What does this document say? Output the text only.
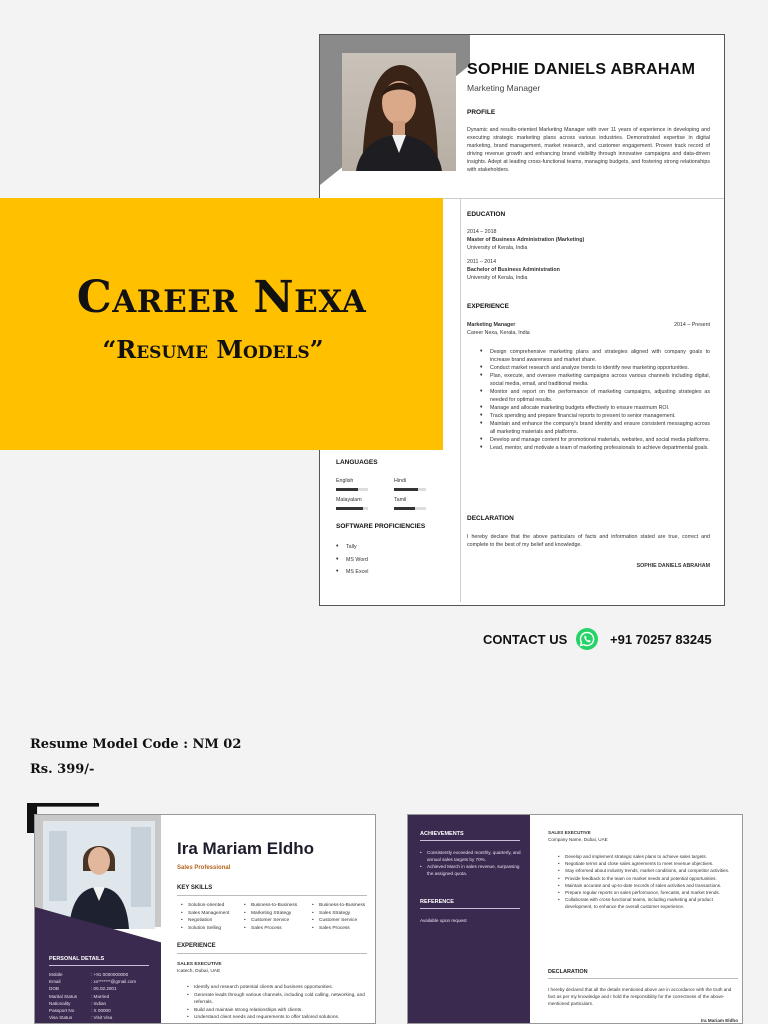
SOPHIE DANIELS ABRAHAM
Marketing Manager
PROFILE
Dynamic and results-oriented Marketing Manager with over 11 years of experience in developing and executing strategic marketing plans across various industries. Demonstrated expertise in digital marketing, brand management, market research, and customer engagement. Proven track record of driving revenue growth and enhancing brand visibility through innovative campaigns and data-driven insights. Adept at leading cross-functional teams, managing budgets, and fostering strong relationships with stakeholders.
EDUCATION
2014 – 2018
Master of Business Administration (Marketing)
University of Kerala, India
2011 – 2014
Bachelor of Business Administration
University of Kerala, India
EXPERIENCE
Marketing Manager	2014 – Present
Career Nexa, Kerala, India
• Design comprehensive marketing plans and strategies aligned with company goals to increase brand awareness and market share.
• Conduct market research and analyze trends to identify new marketing opportunities.
• Plan, execute, and oversee marketing campaigns across various channels including digital, social media, email, and traditional media.
• Monitor and report on the performance of marketing campaigns, adjusting strategies as needed for optimal results.
• Manage and allocate marketing budgets effectively to ensure maximum ROI.
• Track spending and prepare financial reports to present to senior management.
• Maintain and enhance the company's brand identity and ensure consistent messaging across all marketing materials and platforms.
• Develop and manage content for promotional materials, websites, and social media platforms.
• Lead, mentor, and motivate a team of marketing professionals to achieve departmental goals.
DECLARATION
I hereby declare that the above particulars of facts and information stated are true, correct and complete to the best of my belief and knowledge.
SOPHIE DANIELS ABRAHAM
LANGUAGES
English	Hindi
Malayalam	Tamil
SOFTWARE PROFICIENCIES
• Tally
• MS Word
• MS Excel
Career Nexa
“Resume Models”
CONTACT US	+91 70257 83245
Resume Model Code : NM 02
Rs. 399/-
PERSONAL DETAILS
Mobile	: +91 0000000000
Email	: xx*******@gmail.com
DOB	: 05.02.2001
Marital Status	: Married
Nationality	: Indian
Passport No	: X 00000
Visa Status	: Visit Visa
Ira Mariam Eldho
Sales Professional
KEY SKILLS
• Solution-oriented
• Sales Management
• Negotiation
• Solution Selling
• Business-to-Business
• Marketing Strategy
• Customer Service
• Sales Process
• Business-to-Business
• Sales Strategy
• Customer Service
• Sales Process
EXPERIENCE
SALES EXECUTIVE
Icatech, Dubai, UAE
• Identify and research potential clients and business opportunities.
• Generate leads through various channels, including cold calling, networking, and referrals.
• Build and maintain strong relationships with clients.
• Understand client needs and requirements to offer tailored solutions.
ACHIEVEMENTS
• Consistently exceeded monthly, quarterly, and annual sales targets by 70%.
• Achieved March in sales revenue, surpassing the assigned quota.
REFERENCE
Available upon request
SALES EXECUTIVE
Company Name, Dubai, UAE
• Develop and implement strategic sales plans to achieve sales targets.
• Negotiate terms and close sales agreements to meet revenue objectives.
• Stay informed about industry trends, market conditions, and competitor activities.
• Provide feedback to the team on market needs and potential opportunities.
• Maintain accurate and up-to-date records of sales activities and transactions.
• Prepare regular reports on sales performance, forecasts, and market trends.
• Collaborate with cross-functional teams, including marketing and product development, to enhance the overall customer experience.
DECLARATION
I hereby declared that all the details mentioned above are in accordance with the truth and fact as per my knowledge and I hold the responsibility for the correctness of the above-mentioned particulars.
Ira Mariam Eldho
